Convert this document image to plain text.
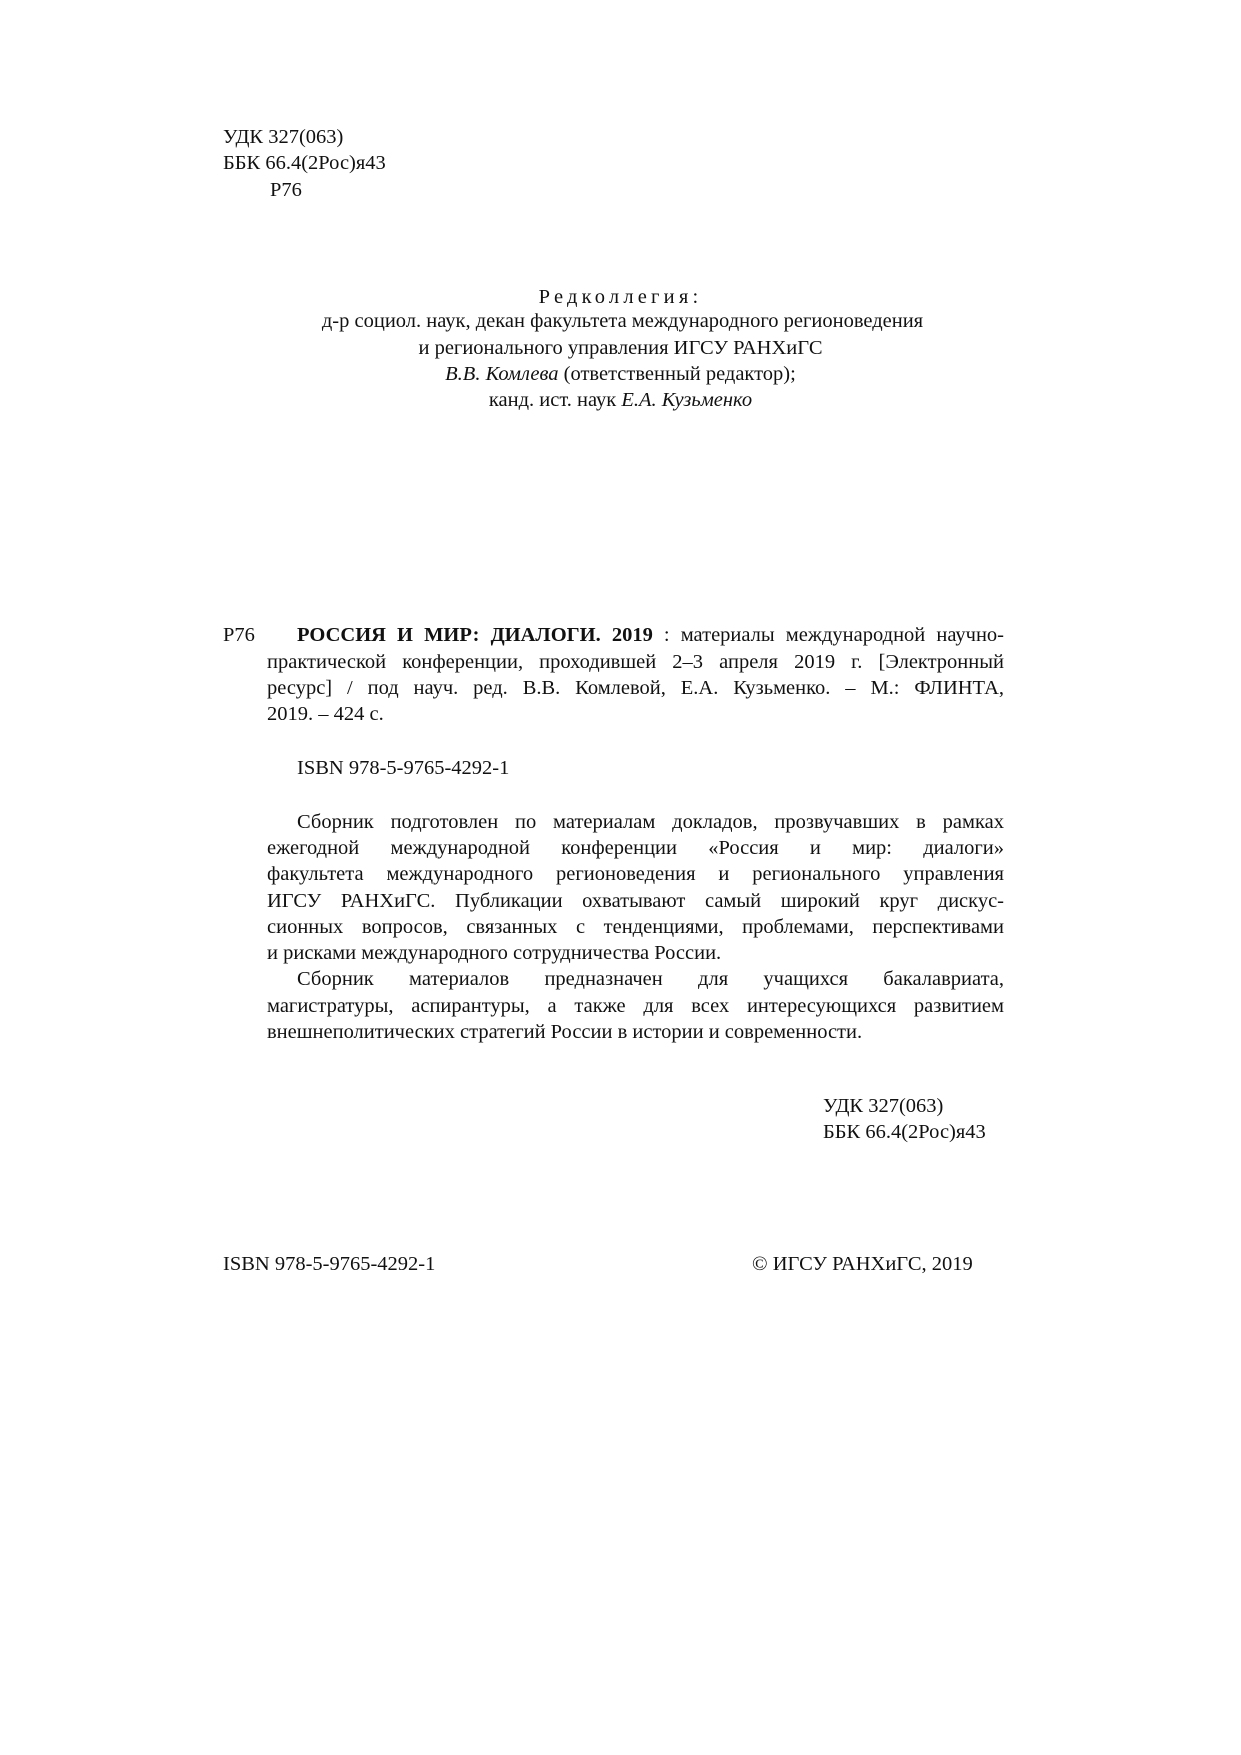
УДК 327(063)
ББК 66.4(2Рос)я43
Р76
Редколлегия:
д-р социол. наук, декан факультета международного регионоведения
и регионального управления ИГСУ РАНХиГС
В.В. Комлева (ответственный редактор);
канд. ист. наук Е.А. Кузьменко
Р76 РОССИЯ И МИР: ДИАЛОГИ. 2019 : материалы международной научно-
практической конференции, проходившей 2–3 апреля 2019 г. [Электронный
ресурс] / под науч. ред. В.В. Комлевой, Е.А. Кузьменко. – М.: ФЛИНТА,
2019. – 424 с.
ISBN 978-5-9765-4292-1
Сборник подготовлен по материалам докладов, прозвучавших в рамках
ежегодной международной конференции «Россия и мир: диалоги»
факультета международного регионоведения и регионального управления
ИГСУ РАНХиГС. Публикации охватывают самый широкий круг дискус-
сионных вопросов, связанных с тенденциями, проблемами, перспективами
и рисками международного сотрудничества России.
Сборник материалов предназначен для учащихся бакалавриата,
магистратуры, аспирантуры, а также для всех интересующихся развитием
внешнеполитических стратегий России в истории и современности.
УДК 327(063)
ББК 66.4(2Рос)я43
ISBN 978-5-9765-4292-1	© ИГСУ РАНХиГС, 2019
